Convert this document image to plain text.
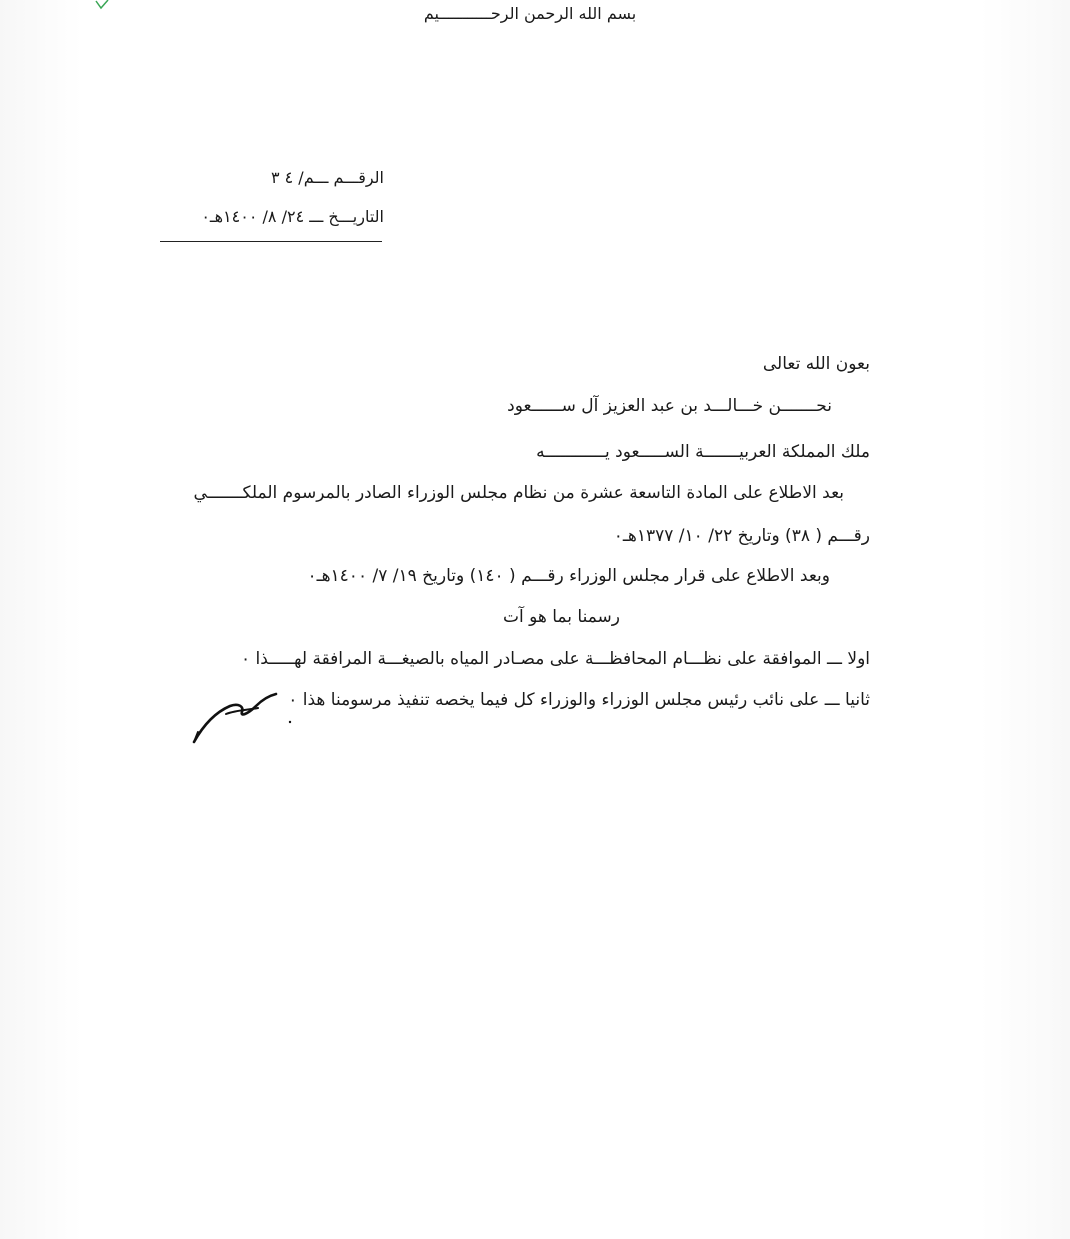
بسم الله الرحمن الرحـــــــــــيم
الرقـــم ـــم/ ٤ ٣
التاريـــخ ـــ ٢٤/ ٨/ ١٤٠٠هـ٠
بعون الله تعالى
نحـــــــن خـــالـــد بن عبد العزيز آل ســــــعود
ملك المملكة العربيـــــــة الســـــعود يــــــــــــه
بعد الاطلاع على المادة التاسعة عشرة من نظام مجلس الوزراء الصادر بالمرسوم الملكـــــــي
رقـــم ( ٣٨) وتاريخ ٢٢/ ١٠/ ١٣٧٧هـ٠
وبعد الاطلاع على قرار مجلس الوزراء رقـــم ( ١٤٠) وتاريخ ١٩/ ٧/ ١٤٠٠هـ٠
رسمنا بما هو آت
اولا ـــ الموافقة على نظـــام المحافظـــة على مصـادر المياه بالصيغـــة المرافقة لهـــــذا ٠
ثانيا ـــ على نائب رئيس مجلس الوزراء والوزراء كل فيما يخصه تنفيذ مرسومنا هذا ٠
